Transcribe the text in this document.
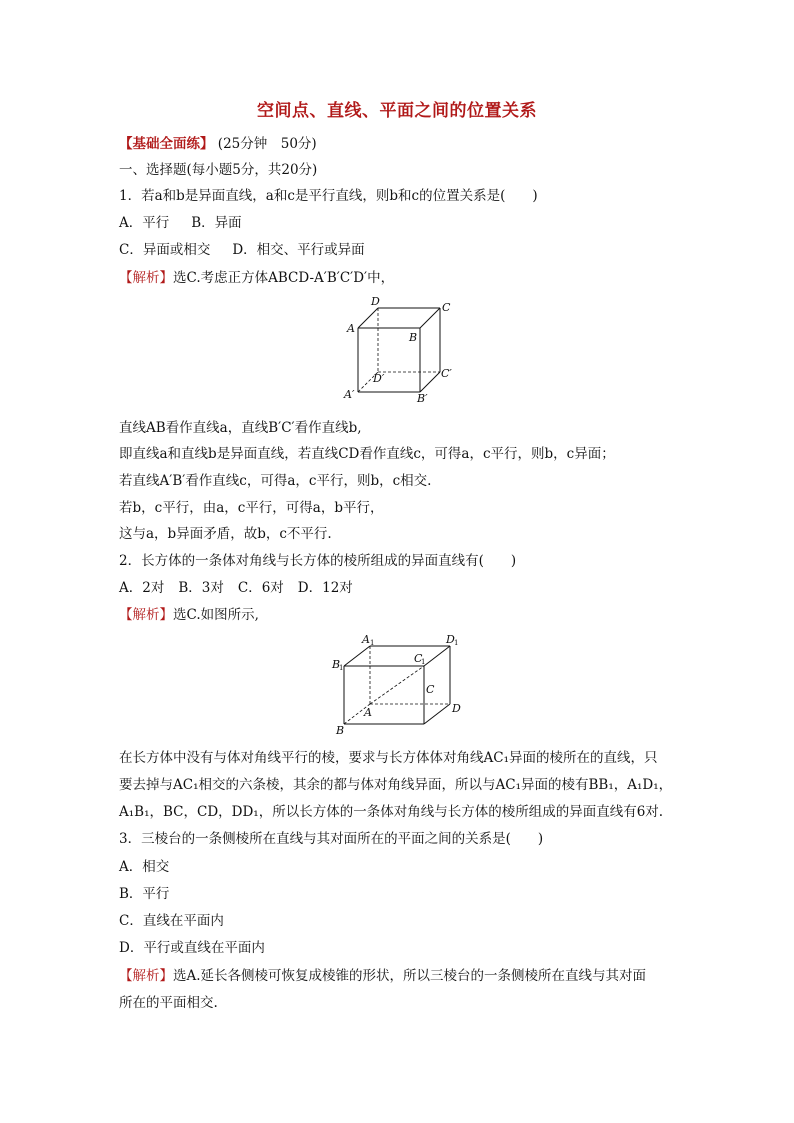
空间点、直线、平面之间的位置关系
【基础全面练】 (25分钟　50分)
一、选择题(每小题5分，共20分)
1．若a和b是异面直线，a和c是平行直线，则b和c的位置关系是(　　)
A．平行 B．异面
C．异面或相交 D．相交、平行或异面
【解析】选C.考虑正方体ABCD-A′B′C′D′中，
D	C
A
B
D′	C′
A′	B′
直线AB看作直线a，直线B′C′看作直线b,
即直线a和直线b是异面直线，若直线CD看作直线c，可得a，c平行，则b，c异面；
若直线A′B′看作直线c，可得a，c平行，则b，c相交.
若b，c平行，由a，c平行，可得a，b平行，
这与a，b异面矛盾，故b，c不平行.
2．长方体的一条体对角线与长方体的棱所组成的异面直线有(　　)
A．2对 B．3对 C．6对 D．12对
【解析】选C.如图所示,
A 1	D 1
B
1
C
1
C
A	D
B
在长方体中没有与体对角线平行的棱，要求与长方体体对角线AC₁异面的棱所在的直线，只
要去掉与AC₁相交的六条棱，其余的都与体对角线异面，所以与AC₁异面的棱有BB₁，A₁D₁，
A₁B₁，BC，CD，DD₁，所以长方体的一条体对角线与长方体的棱所组成的异面直线有6对.
3．三棱台的一条侧棱所在直线与其对面所在的平面之间的关系是(　　)
A．相交
B．平行
C．直线在平面内
D．平行或直线在平面内
【解析】选A.延长各侧棱可恢复成棱锥的形状，所以三棱台的一条侧棱所在直线与其对面
所在的平面相交.
